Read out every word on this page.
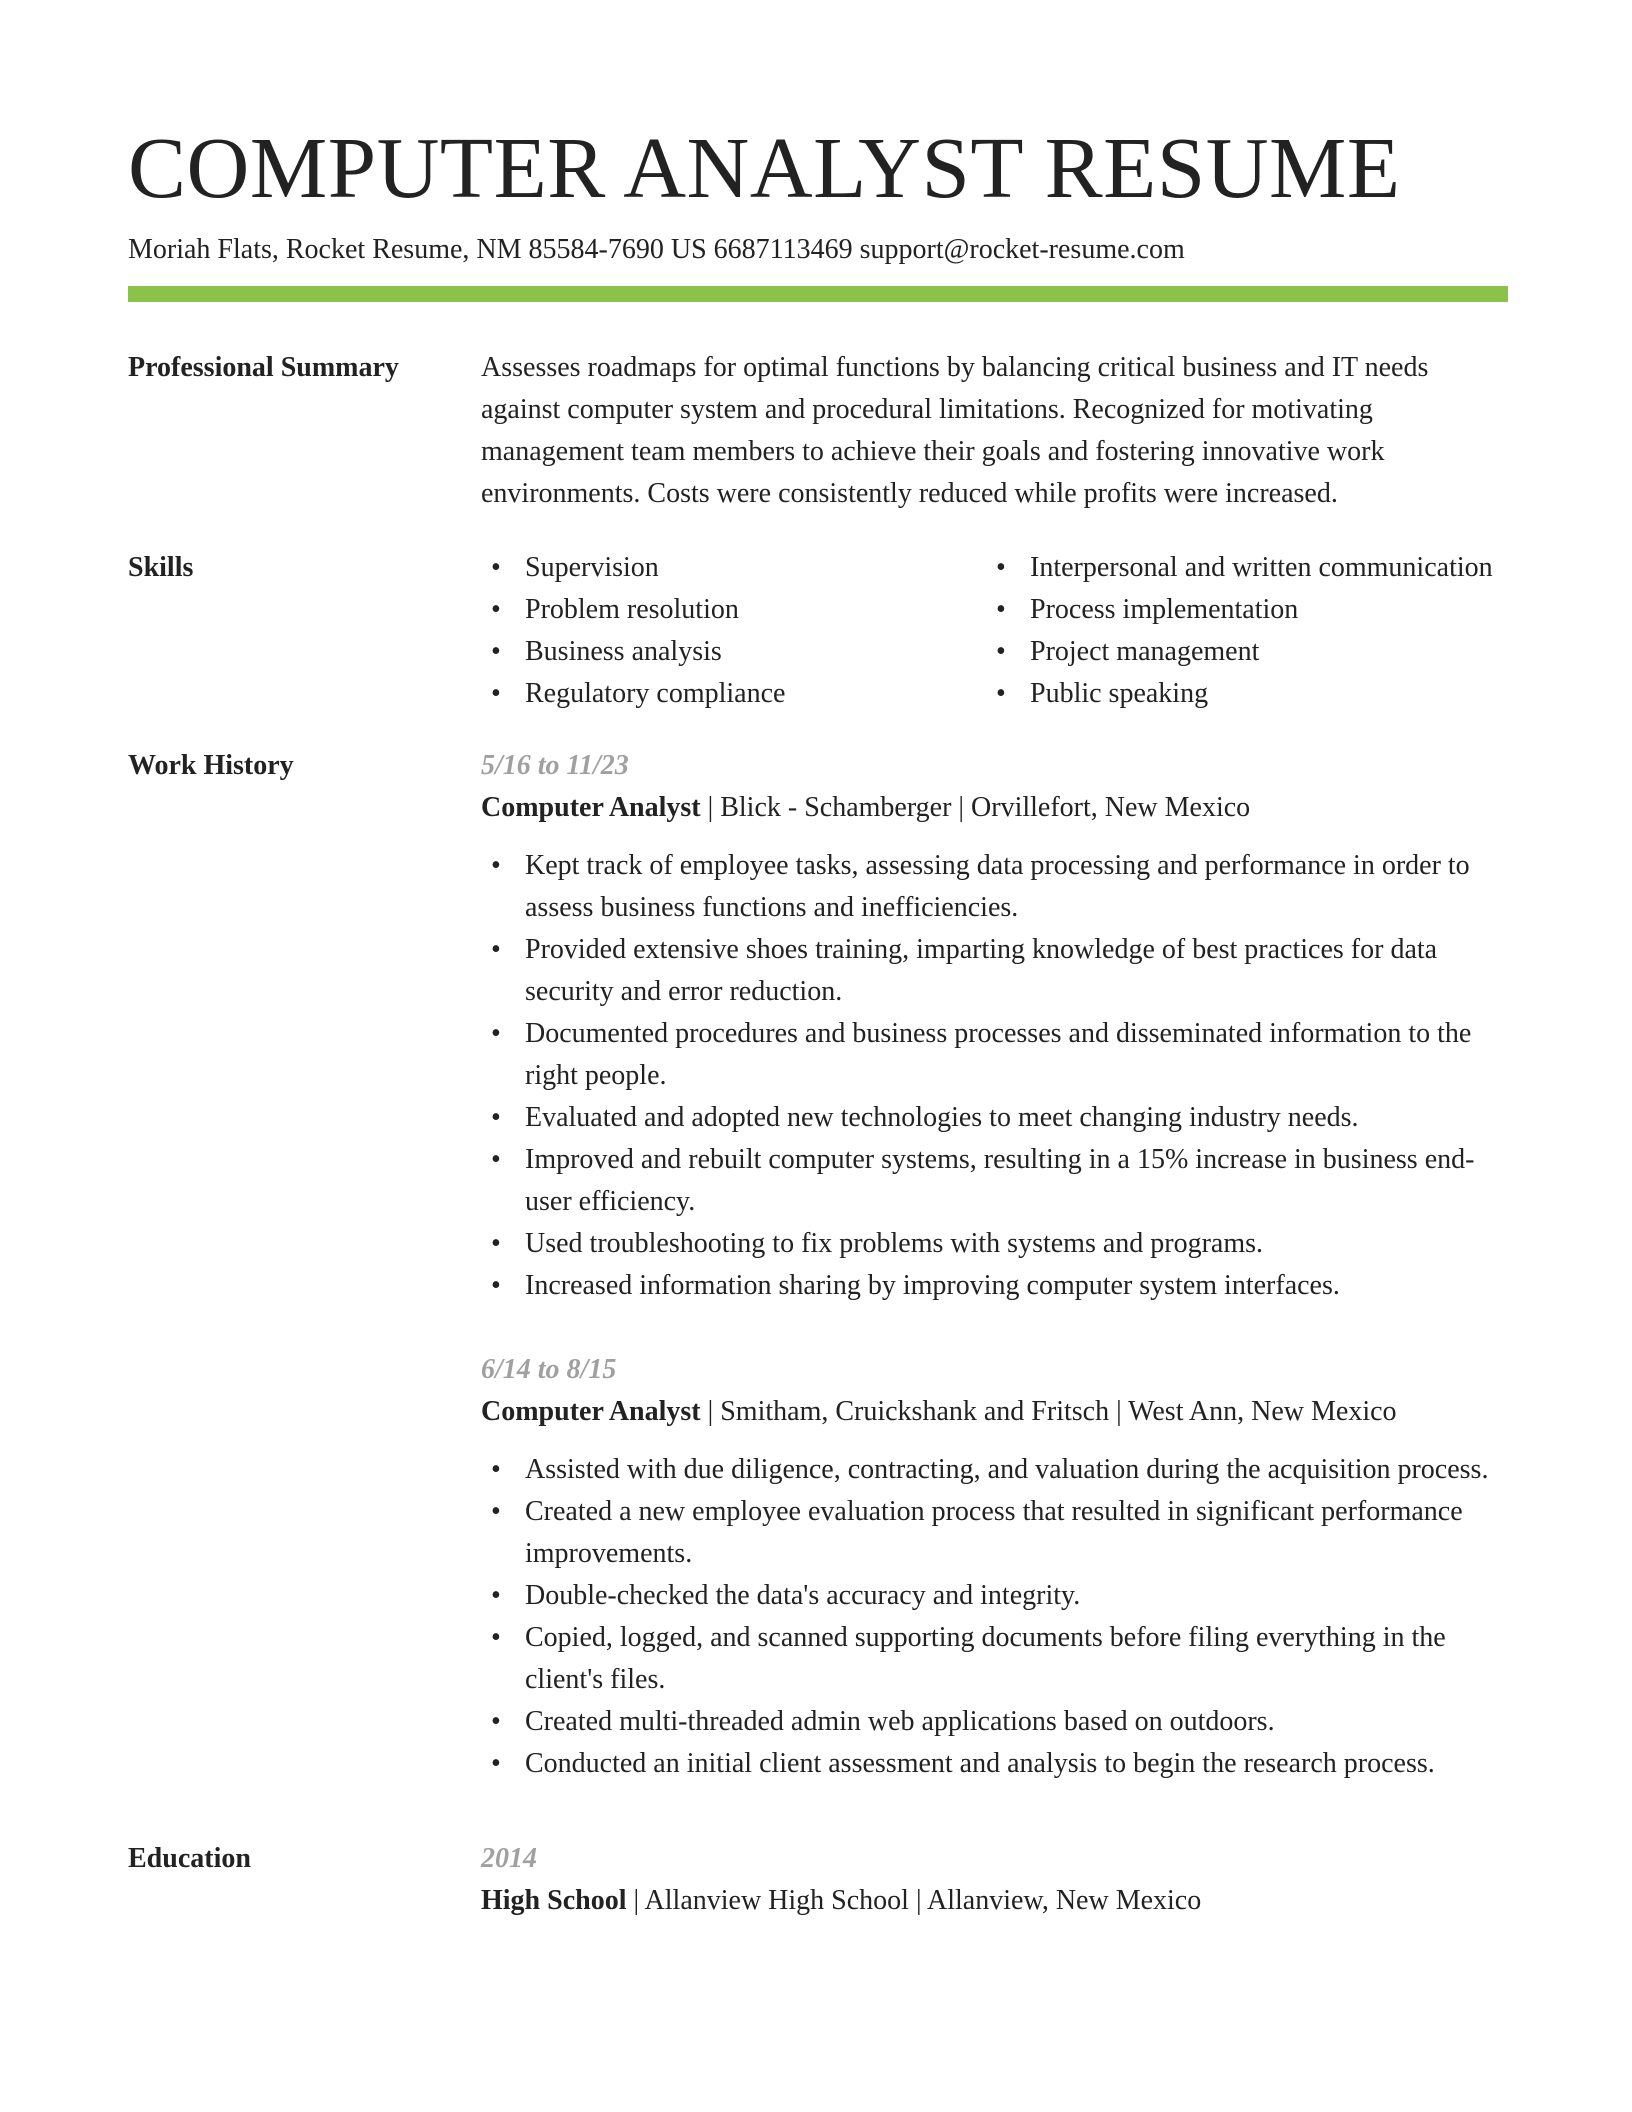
COMPUTER ANALYST RESUME
Moriah Flats, Rocket Resume, NM 85584-7690 US 6687113469 support@rocket-resume.com
Professional Summary	Assesses roadmaps for optimal functions by balancing critical business and IT needs against computer system and procedural limitations. Recognized for motivating management team members to achieve their goals and fostering innovative work environments. Costs were consistently reduced while profits were increased.

Skills
•	Supervision
• Problem resolution
• Business analysis
• Regulatory compliance
• Interpersonal and written communication
• Process implementation
• Project management
• Public speaking
Work History	5/16 to 11/23
Computer Analyst | Blick - Schamberger | Orvillefort, New Mexico
• Kept track of employee tasks, assessing data processing and performance in order to assess business functions and inefficiencies.
• Provided extensive shoes training, imparting knowledge of best practices for data security and error reduction.
• Documented procedures and business processes and disseminated information to the right people.
• Evaluated and adopted new technologies to meet changing industry needs.
• Improved and rebuilt computer systems, resulting in a 15% increase in business end-user efficiency.
• Used troubleshooting to fix problems with systems and programs.
• Increased information sharing by improving computer system interfaces.
6/14 to 8/15
Computer Analyst | Smitham, Cruickshank and Fritsch | West Ann, New Mexico
• Assisted with due diligence, contracting, and valuation during the acquisition process.
• Created a new employee evaluation process that resulted in significant performance improvements.
• Double-checked the data's accuracy and integrity.
• Copied, logged, and scanned supporting documents before filing everything in the client's files.
• Created multi-threaded admin web applications based on outdoors.
• Conducted an initial client assessment and analysis to begin the research process.
Education	2014
High School | Allanview High School | Allanview, New Mexico
